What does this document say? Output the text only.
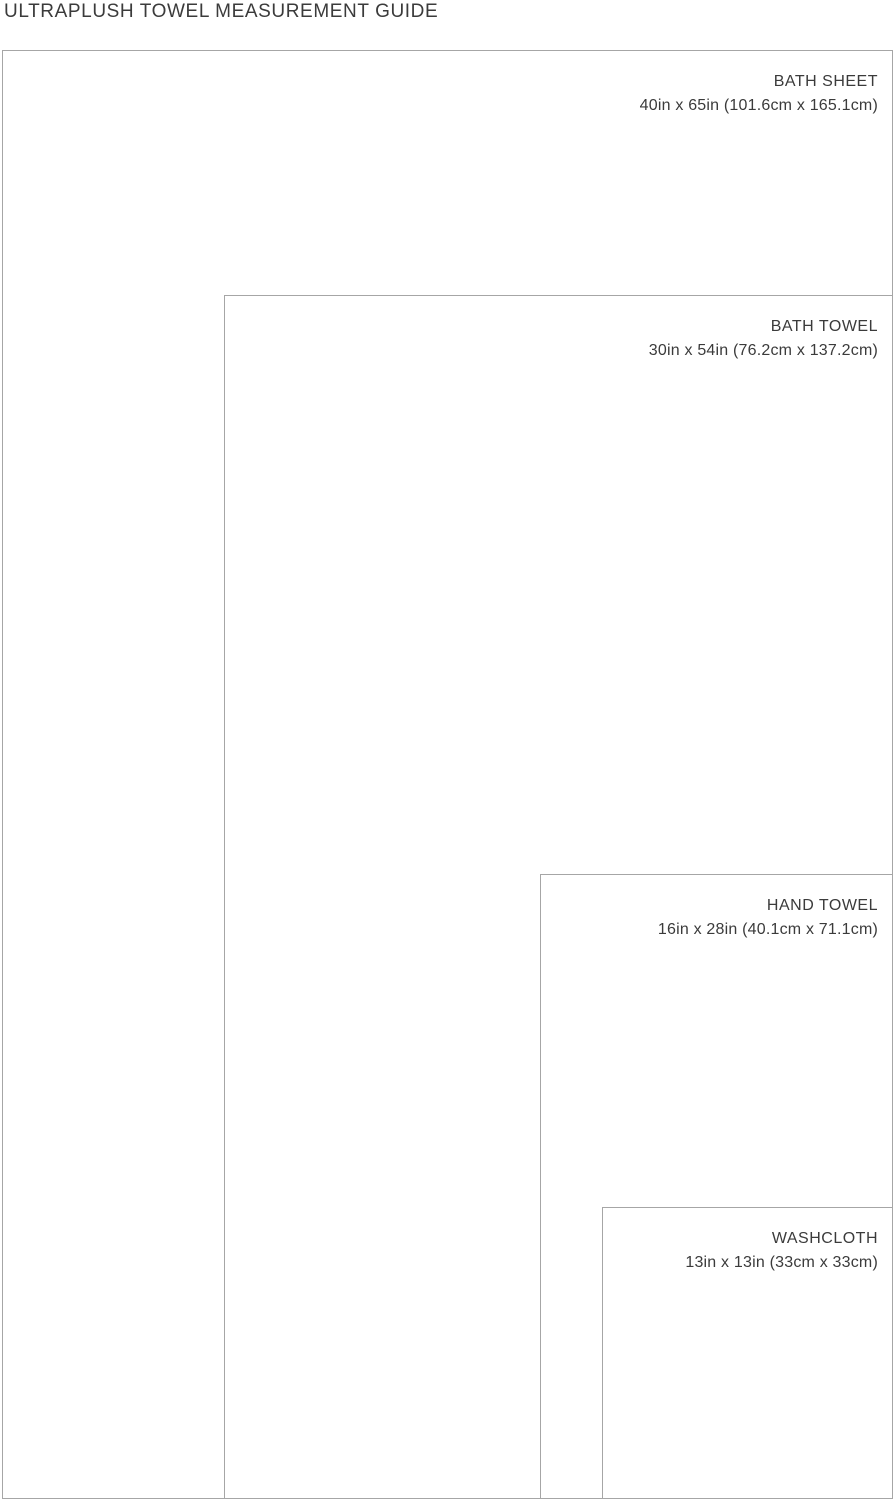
ULTRAPLUSH TOWEL MEASUREMENT GUIDE
BATH SHEET
40in x 65in (101.6cm x 165.1cm)
BATH TOWEL
30in x 54in (76.2cm x 137.2cm)
HAND TOWEL
16in x 28in (40.1cm x 71.1cm)
WASHCLOTH
13in x 13in (33cm x 33cm)
